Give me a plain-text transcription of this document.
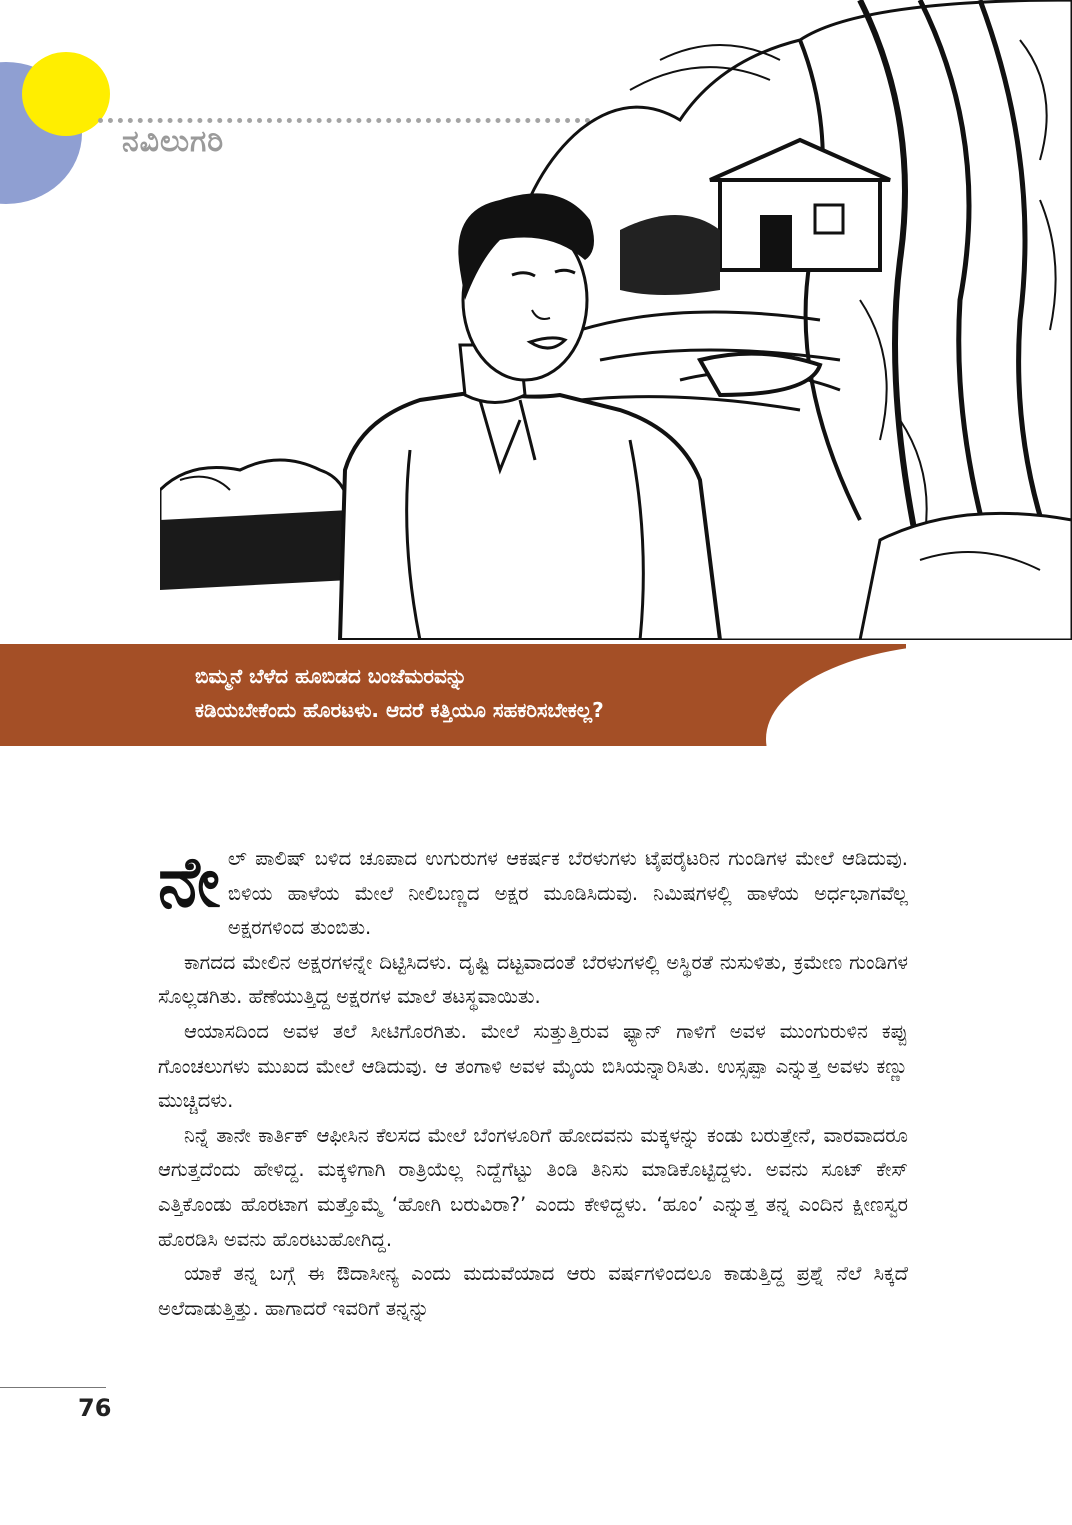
ನವಿಲುಗರಿ
ಬಿಮ್ಮನೆ ಬೆಳೆದ ಹೂಬಿಡದ ಬಂಜೆಮರವನ್ನು
ಕಡಿಯಬೇಕೆಂದು ಹೊರಟಳು. ಆದರೆ ಕತ್ತಿಯೂ ಸಹಕರಿಸಬೇಕಲ್ಲ?

ನೇಲ್ ಪಾಲಿಷ್ ಬಳಿದ ಚೂಪಾದ ಉಗುರುಗಳ ಆಕರ್ಷಕ ಬೆರಳುಗಳು ಟೈಪರೈಟರಿನ ಗುಂಡಿಗಳ ಮೇಲೆ ಆಡಿದುವು. ಬಿಳಿಯ ಹಾಳೆಯ ಮೇಲೆ ನೀಲಿಬಣ್ಣದ ಅಕ್ಷರ ಮೂಡಿಸಿದುವು. ನಿಮಿಷಗಳಲ್ಲಿ ಹಾಳೆಯ ಅರ್ಧಭಾಗವೆಲ್ಲ ಅಕ್ಷರಗಳಿಂದ ತುಂಬಿತು.

ಕಾಗದದ ಮೇಲಿನ ಅಕ್ಷರಗಳನ್ನೇ ದಿಟ್ಟಿಸಿದಳು. ದೃಷ್ಟಿ ದಟ್ಟವಾದಂತೆ ಬೆರಳುಗಳಲ್ಲಿ ಅಸ್ಥಿರತೆ ನುಸುಳಿತು, ಕ್ರಮೇಣ ಗುಂಡಿಗಳ ಸೊಲ್ಲಡಗಿತು. ಹೆಣೆಯುತ್ತಿದ್ದ ಅಕ್ಷರಗಳ ಮಾಲೆ ತಟಸ್ಥವಾಯಿತು.

ಆಯಾಸದಿಂದ ಅವಳ ತಲೆ ಸೀಟಿಗೊರಗಿತು. ಮೇಲೆ ಸುತ್ತುತ್ತಿರುವ ಫ್ಯಾನ್ ಗಾಳಿಗೆ ಅವಳ ಮುಂಗುರುಳಿನ ಕಪ್ಪು ಗೊಂಚಲುಗಳು ಮುಖದ ಮೇಲೆ ಆಡಿದುವು. ಆ ತಂಗಾಳಿ ಅವಳ ಮೈಯ ಬಿಸಿಯನ್ನಾರಿಸಿತು. ಉಸ್ಸಪ್ಪಾ ಎನ್ನುತ್ತ ಅವಳು ಕಣ್ಣು ಮುಚ್ಚಿದಳು.

ನಿನ್ನೆ ತಾನೇ ಕಾರ್ತಿಕ್ ಆಫೀಸಿನ ಕೆಲಸದ ಮೇಲೆ ಬೆಂಗಳೂರಿಗೆ ಹೋದವನು ಮಕ್ಕಳನ್ನು ಕಂಡು ಬರುತ್ತೇನೆ, ವಾರವಾದರೂ ಆಗುತ್ತದೆಂದು ಹೇಳಿದ್ದ. ಮಕ್ಕಳಿಗಾಗಿ ರಾತ್ರಿಯೆಲ್ಲ ನಿದ್ದೆಗೆಟ್ಟು ತಿಂಡಿ ತಿನಿಸು ಮಾಡಿಕೊಟ್ಟಿದ್ದಳು. ಅವನು ಸೂಟ್ ಕೇಸ್ ಎತ್ತಿಕೊಂಡು ಹೊರಟಾಗ ಮತ್ತೊಮ್ಮೆ ‘ಹೋಗಿ ಬರುವಿರಾ?’ ಎಂದು ಕೇಳಿದ್ದಳು. ‘ಹೂಂ’ ಎನ್ನುತ್ತ ತನ್ನ ಎಂದಿನ ಕ್ಷೀಣಸ್ವರ ಹೊರಡಿಸಿ ಅವನು ಹೊರಟುಹೋಗಿದ್ದ.

ಯಾಕೆ ತನ್ನ ಬಗ್ಗೆ ಈ ಔದಾಸೀನ್ಯ ಎಂದು ಮದುವೆಯಾದ ಆರು ವರ್ಷಗಳಿಂದಲೂ ಕಾಡುತ್ತಿದ್ದ ಪ್ರಶ್ನೆ ನೆಲೆ ಸಿಕ್ಕದೆ ಅಲೆದಾಡುತ್ತಿತ್ತು. ಹಾಗಾದರೆ ಇವರಿಗೆ ತನ್ನನ್ನು

76
